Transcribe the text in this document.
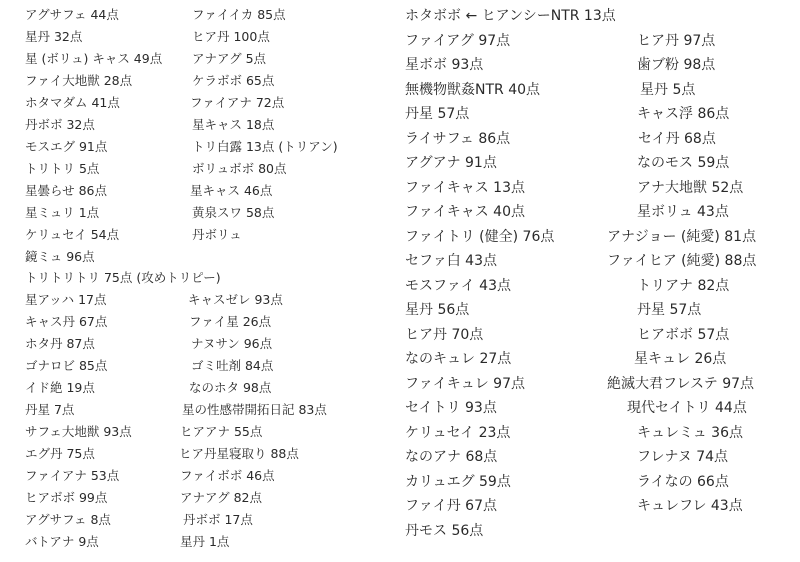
アグサフェ 44点
星丹 32点
星 (ボリュ) キャス 49点
ファイ大地獣 28点
ホタマダム 41点
丹ボボ 32点
モスエグ 91点
トリトリ 5点
星曇らせ 86点
星ミュリ 1点
ケリュセイ 54点
鏡ミュ 96点
トリトリトリ 75点 (攻めトリピー)
星アッハ 17点
キャス丹 67点
ホタ丹 87点
ゴナロビ 85点
イド絶 19点
丹星 7点
サフェ大地獣 93点
エグ丹 75点
ファイアナ 53点
ヒアボボ 99点
アグサフェ 8点
バトアナ 9点
ファイイカ 85点
ヒア丹 100点
アナアグ 5点
ケラボボ 65点
ファイアナ 72点
星キャス 18点
トリ白露 13点 (トリアン)
ボリュボボ 80点
星キャス 46点
黄泉スワ 58点
丹ボリュ
キャスゼレ 93点
ファイ星 26点
ナヌサン 96点
ゴミ吐剤 84点
なのホタ 98点
星の性感帯開拓日記 83点
ヒアアナ 55点
ヒア丹星寝取り 88点
ファイボボ 46点
アナアグ 82点
丹ボボ 17点
星丹 1点
ホタボボ ← ヒアンシーNTR 13点
ファイアグ 97点
星ボボ 93点
無機物獣姦NTR 40点
丹星 57点
ライサフェ 86点
アグアナ 91点
ファイキャス 13点
ファイキャス 40点
ファイトリ (健全) 76点
セファ白 43点
モスファイ 43点
星丹 56点
ヒア丹 70点
なのキュレ 27点
ファイキュレ 97点
セイトリ 93点
ケリュセイ 23点
なのアナ 68点
カリュエグ 59点
ファイ丹 67点
丹モス 56点
ヒア丹 97点
歯ブ粉 98点
星丹 5点
キャス浮 86点
セイ丹 68点
なのモス 59点
アナ大地獣 52点
星ボリュ 43点
アナジョー (純愛) 81点
ファイヒア (純愛) 88点
トリアナ 82点
丹星 57点
ヒアボボ 57点
星キュレ 26点
絶滅大君フレステ 97点
現代セイトリ 44点
キュレミュ 36点
フレナヌ 74点
ライなの 66点
キュレフレ 43点
